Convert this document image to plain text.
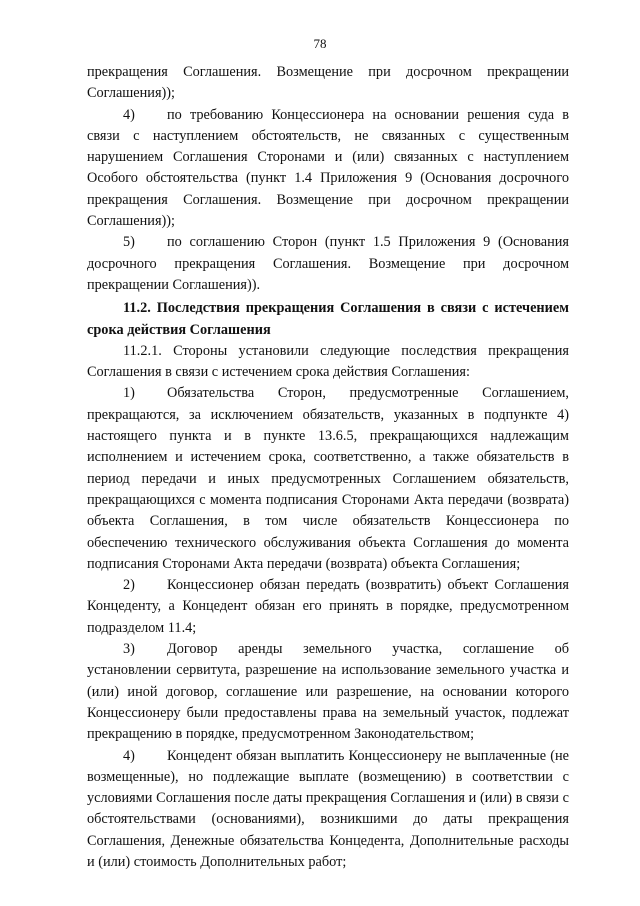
78

прекращения Соглашения. Возмещение при досрочном прекращении Соглашения));

4) по требованию Концессионера на основании решения суда в связи с наступлением обстоятельств, не связанных с существенным нарушением Соглашения Сторонами и (или) связанных с наступлением Особого обстоятельства (пункт 1.4 Приложения 9 (Основания досрочного прекращения Соглашения. Возмещение при досрочном прекращении Соглашения));

5) по соглашению Сторон (пункт 1.5 Приложения 9 (Основания досрочного прекращения Соглашения. Возмещение при досрочном прекращении Соглашения)).

11.2. Последствия прекращения Соглашения в связи с истечением срока действия Соглашения

11.2.1. Стороны установили следующие последствия прекращения Соглашения в связи с истечением срока действия Соглашения:

1) Обязательства Сторон, предусмотренные Соглашением, прекращаются, за исключением обязательств, указанных в подпункте 4) настоящего пункта и в пункте 13.6.5, прекращающихся надлежащим исполнением и истечением срока, соответственно, а также обязательств в период передачи и иных предусмотренных Соглашением обязательств, прекращающихся с момента подписания Сторонами Акта передачи (возврата) объекта Соглашения, в том числе обязательств Концессионера по обеспечению технического обслуживания объекта Соглашения до момента подписания Сторонами Акта передачи (возврата) объекта Соглашения;

2) Концессионер обязан передать (возвратить) объект Соглашения Концеденту, а Концедент обязан его принять в порядке, предусмотренном подразделом 11.4;

3) Договор аренды земельного участка, соглашение об установлении сервитута, разрешение на использование земельного участка и (или) иной договор, соглашение или разрешение, на основании которого Концессионеру были предоставлены права на земельный участок, подлежат прекращению в порядке, предусмотренном Законодательством;

4) Концедент обязан выплатить Концессионеру не выплаченные (не возмещенные), но подлежащие выплате (возмещению) в соответствии с условиями Соглашения после даты прекращения Соглашения и (или) в связи с обстоятельствами (основаниями), возникшими до даты прекращения Соглашения, Денежные обязательства Концедента, Дополнительные расходы и (или) стоимость Дополнительных работ;
